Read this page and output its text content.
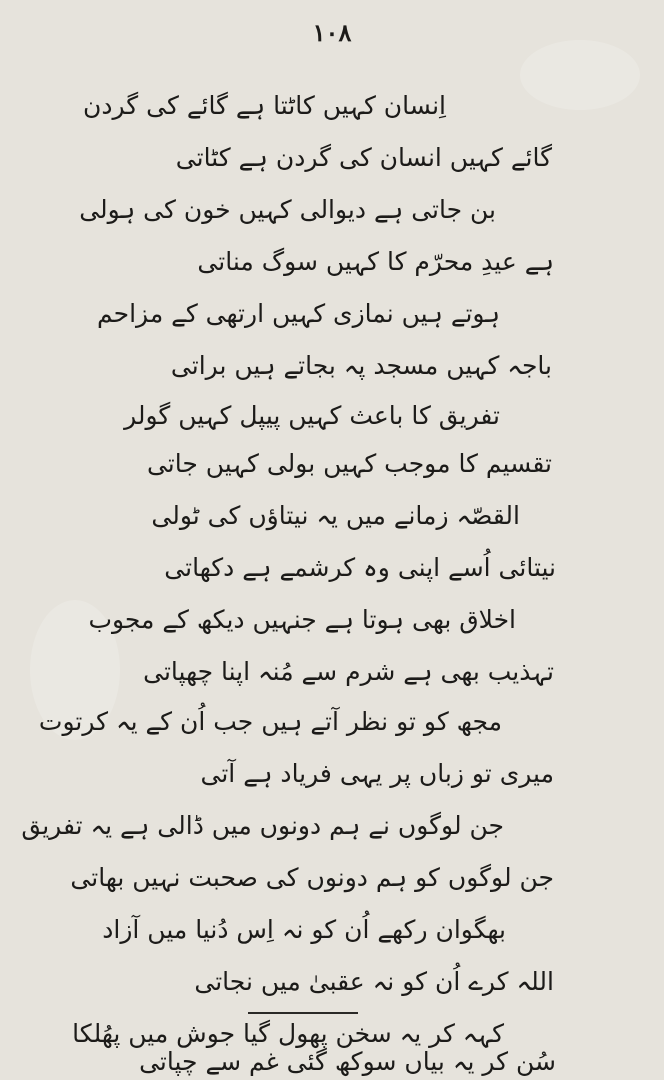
۱۰۸
اِنسان کہیں کاٹتا ہے گائے کی گردن
گائے کہیں انسان کی گردن ہے کٹاتی
بن جاتی ہے دیوالی کہیں خون کی ہولی
ہے عیدِ محرّم کا کہیں سوگ مناتی
ہوتے ہیں نمازی کہیں ارتھی کے مزاحم
باجہ کہیں مسجد پہ بجاتے ہیں براتی
تفریق کا باعث کہیں پیپل کہیں گولر
تقسیم کا موجب کہیں بولی کہیں جاتی
القصّہ زمانے میں یہ نیتاؤں کی ٹولی
نیتائی اُسے اپنی وہ کرشمے ہے دکھاتی
اخلاق بھی ہوتا ہے جنہیں دیکھ کے مجوب
تہذیب بھی ہے شرم سے مُنہ اپنا چھپاتی
مجھ کو تو نظر آتے ہیں جب اُن کے یہ کرتوت
میری تو زباں پر یہی فریاد ہے آتی
جن لوگوں نے ہم دونوں میں ڈالی ہے یہ تفریق
جن لوگوں کو ہم دونوں کی صحبت نہیں بھاتی
بھگوان رکھے اُن کو نہ اِس دُنیا میں آزاد
اللہ کرے اُن کو نہ عقبیٰ میں نجاتی
کہہ کر یہ سخن پھول گیا جوش میں پھُلکا
سُن کر یہ بیاں سوکھ گئی غم سے چپاتی
